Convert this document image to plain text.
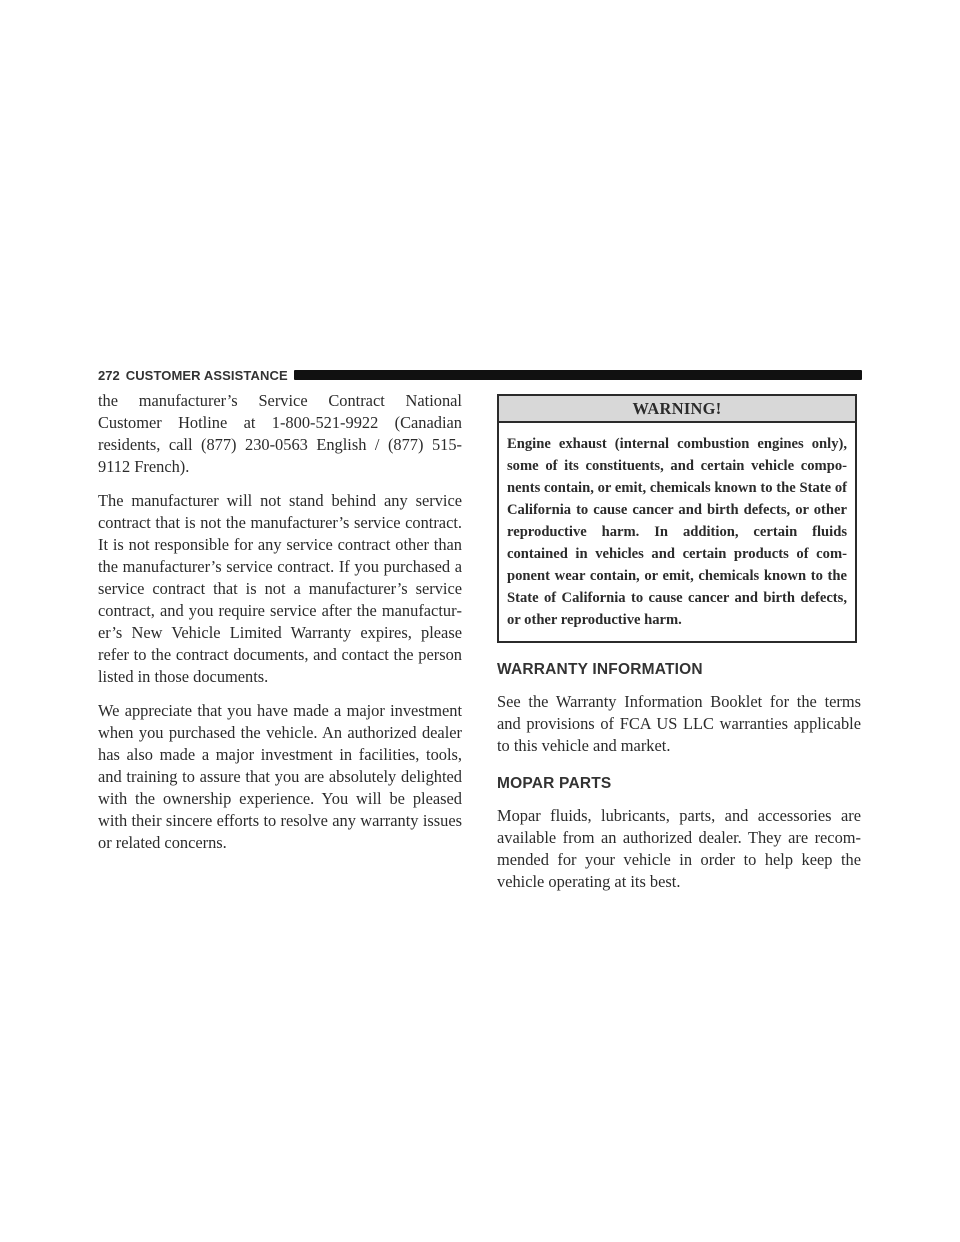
272 CUSTOMER ASSISTANCE

the manufacturer’s Service Contract National Customer Hotline at 1-800-521-9922 (Canadian residents, call (877) 230-0563 English / (877) 515-9112 French).

The manufacturer will not stand behind any service contract that is not the manufacturer’s service contract. It is not responsible for any service contract other than the manufacturer’s service contract. If you purchased a service contract that is not a manufacturer’s service contract, and you require service after the manufacturer’s New Vehicle Limited Warranty expires, please refer to the contract documents, and contact the person listed in those documents.

We appreciate that you have made a major investment when you purchased the vehicle. An authorized dealer has also made a major investment in facilities, tools, and training to assure that you are absolutely delighted with the ownership experience. You will be pleased with their sincere efforts to resolve any warranty issues or related concerns.

WARNING!
Engine exhaust (internal combustion engines only), some of its constituents, and certain vehicle components contain, or emit, chemicals known to the State of California to cause cancer and birth defects, or other reproductive harm. In addition, certain fluids contained in vehicles and certain products of component wear contain, or emit, chemicals known to the State of California to cause cancer and birth defects, or other reproductive harm.
WARRANTY INFORMATION

See the Warranty Information Booklet for the terms and provisions of FCA US LLC warranties applicable to this vehicle and market.

MOPAR PARTS

Mopar fluids, lubricants, parts, and accessories are available from an authorized dealer. They are recommended for your vehicle in order to help keep the vehicle operating at its best.
